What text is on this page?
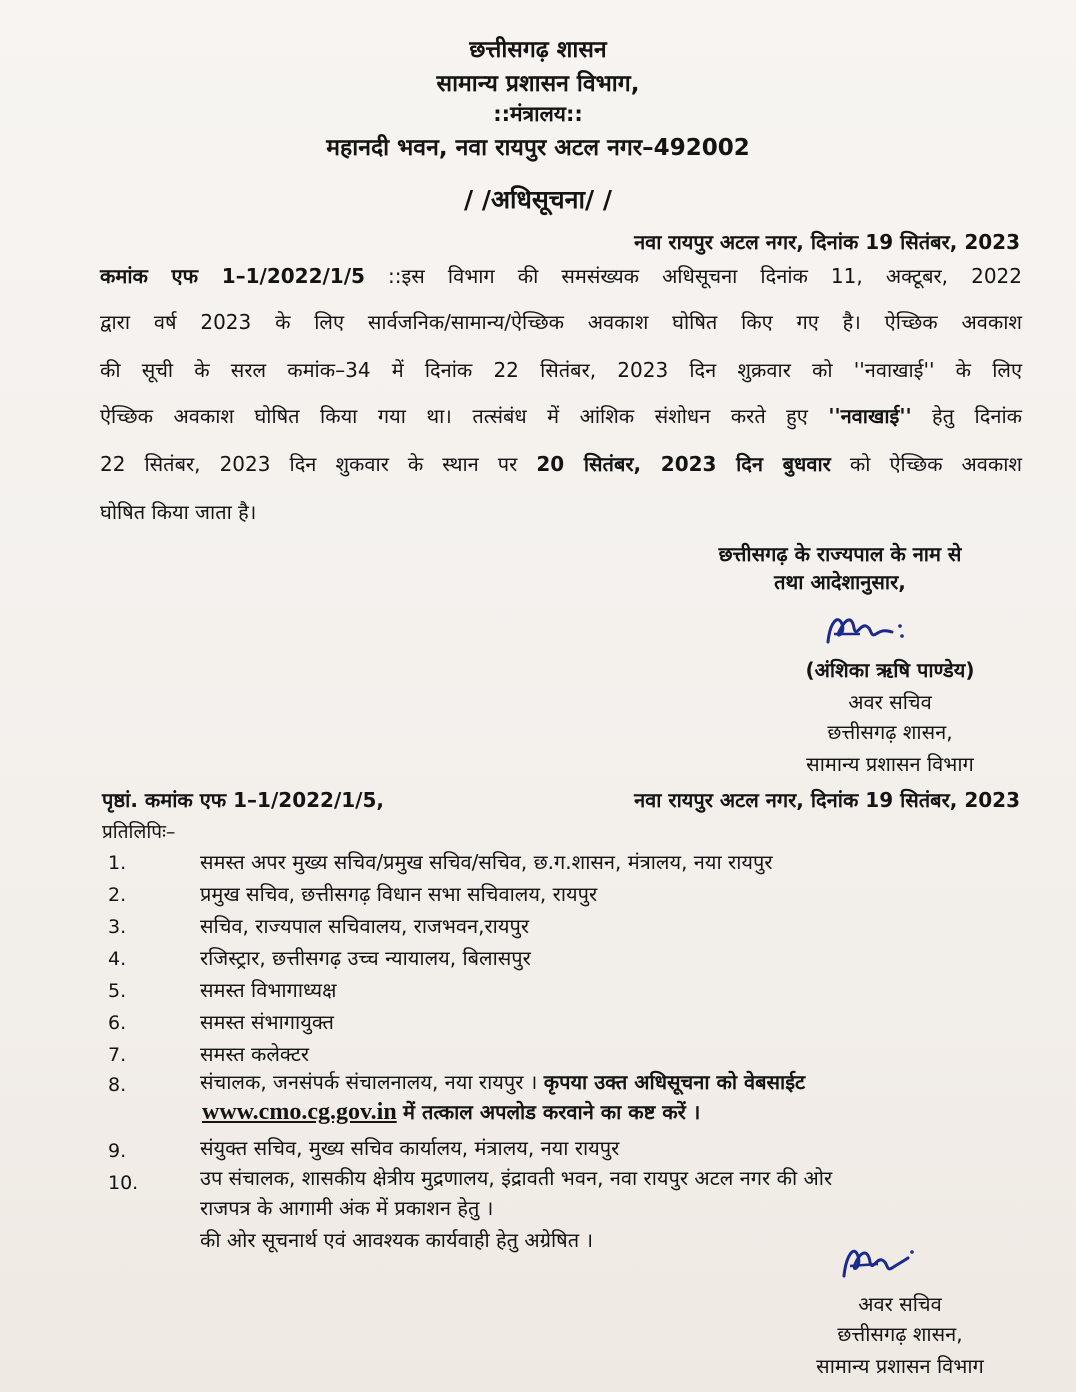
छत्तीसगढ़ शासन
सामान्य प्रशासन विभाग,
::मंत्रालय::
महानदी भवन, नवा रायपुर अटल नगर–492002
/ /अधिसूचना/ /
नवा रायपुर अटल नगर, दिनांक 19 सितंबर, 2023
कमांक एफ 1–1/2022/1/5 ::इस विभाग की समसंख्यक अधिसूचना दिनांक 11, अक्टूबर, 2022
द्वारा वर्ष 2023 के लिए सार्वजनिक/सामान्य/ऐच्छिक अवकाश घोषित किए गए है। ऐच्छिक अवकाश
की सूची के सरल कमांक–34 में दिनांक 22 सितंबर, 2023 दिन शुक्रवार को ''नवाखाई'' के लिए
ऐच्छिक अवकाश घोषित किया गया था। तत्संबंध में आंशिक संशोधन करते हुए ''नवाखाई'' हेतु दिनांक
22 सितंबर, 2023 दिन शुकवार के स्थान पर 20 सितंबर, 2023 दिन बुधवार को ऐच्छिक अवकाश
घोषित किया जाता है।
छत्तीसगढ़ के राज्यपाल के नाम से
तथा आदेशानुसार,
(अंशिका ऋषि पाण्डेय)
अवर सचिव
छत्तीसगढ़ शासन,
सामान्य प्रशासन विभाग
पृष्ठां. कमांक एफ 1–1/2022/1/5,	नवा रायपुर अटल नगर, दिनांक 19 सितंबर, 2023
प्रतिलिपिः–
1.	समस्त अपर मुख्य सचिव/प्रमुख सचिव/सचिव, छ.ग.शासन, मंत्रालय, नया रायपुर
2.	प्रमुख सचिव, छत्तीसगढ़ विधान सभा सचिवालय, रायपुर
3.	सचिव, राज्यपाल सचिवालय, राजभवन,रायपुर
4.	रजिस्ट्रार, छत्तीसगढ़ उच्च न्यायालय, बिलासपुर
5.	समस्त विभागाध्यक्ष
6.	समस्त संभागायुक्त
7.	समस्त कलेक्टर
8.	संचालक, जनसंपर्क संचालनालय, नया रायपुर । कृपया उक्त अधिसूचना को वेबसाईट
www.cmo.cg.gov.in में तत्काल अपलोड करवाने का कष्ट करें ।
9.	संयुक्त सचिव, मुख्य सचिव कार्यालय, मंत्रालय, नया रायपुर
10.	उप संचालक, शासकीय क्षेत्रीय मुद्रणालय, इंद्रावती भवन, नवा रायपुर अटल नगर की ओर
राजपत्र के आगामी अंक में प्रकाशन हेतु ।
की ओर सूचनार्थ एवं आवश्यक कार्यवाही हेतु अग्रेषित ।
अवर सचिव
छत्तीसगढ़ शासन,
सामान्य प्रशासन विभाग
